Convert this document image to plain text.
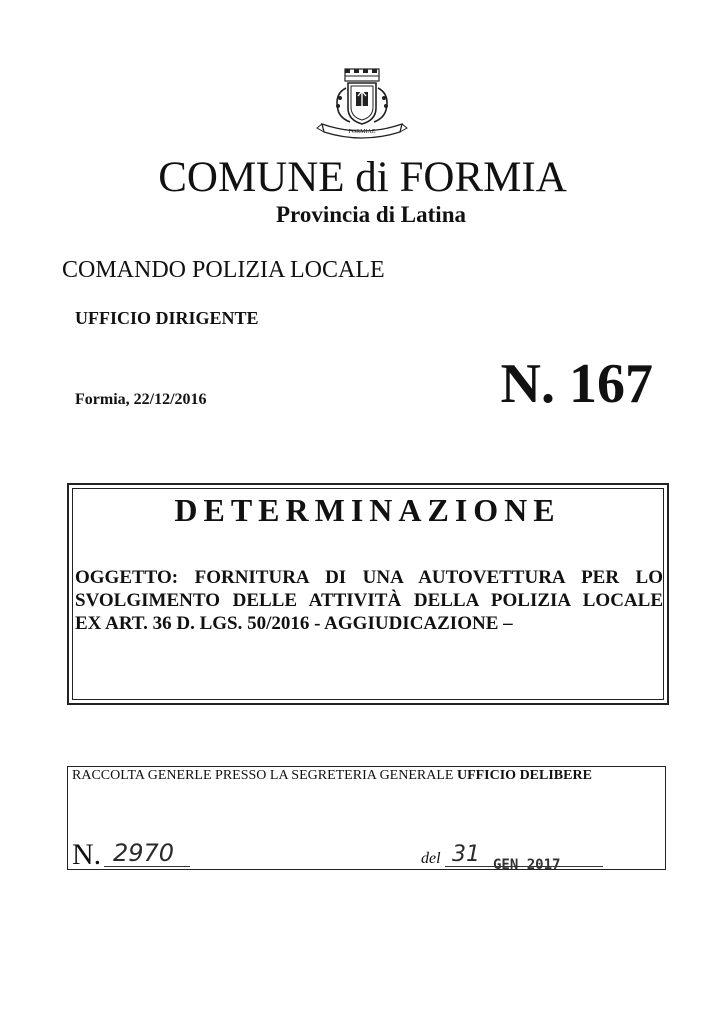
FORMIAE
COMUNE di FORMIA
Provincia di Latina
COMANDO POLIZIA LOCALE
UFFICIO DIRIGENTE
Formia, 22/12/2016	N. 167
DETERMINAZIONE
OGGETTO: FORNITURA DI UNA AUTOVETTURA PER LO
SVOLGIMENTO DELLE ATTIVITÀ DELLA POLIZIA LOCALE
EX ART. 36 D. LGS. 50/2016 - AGGIUDICAZIONE –
RACCOLTA GENERLE PRESSO LA SEGRETERIA GENERALE UFFICIO DELIBERE
N. 2970	del 31 GEN 2017
